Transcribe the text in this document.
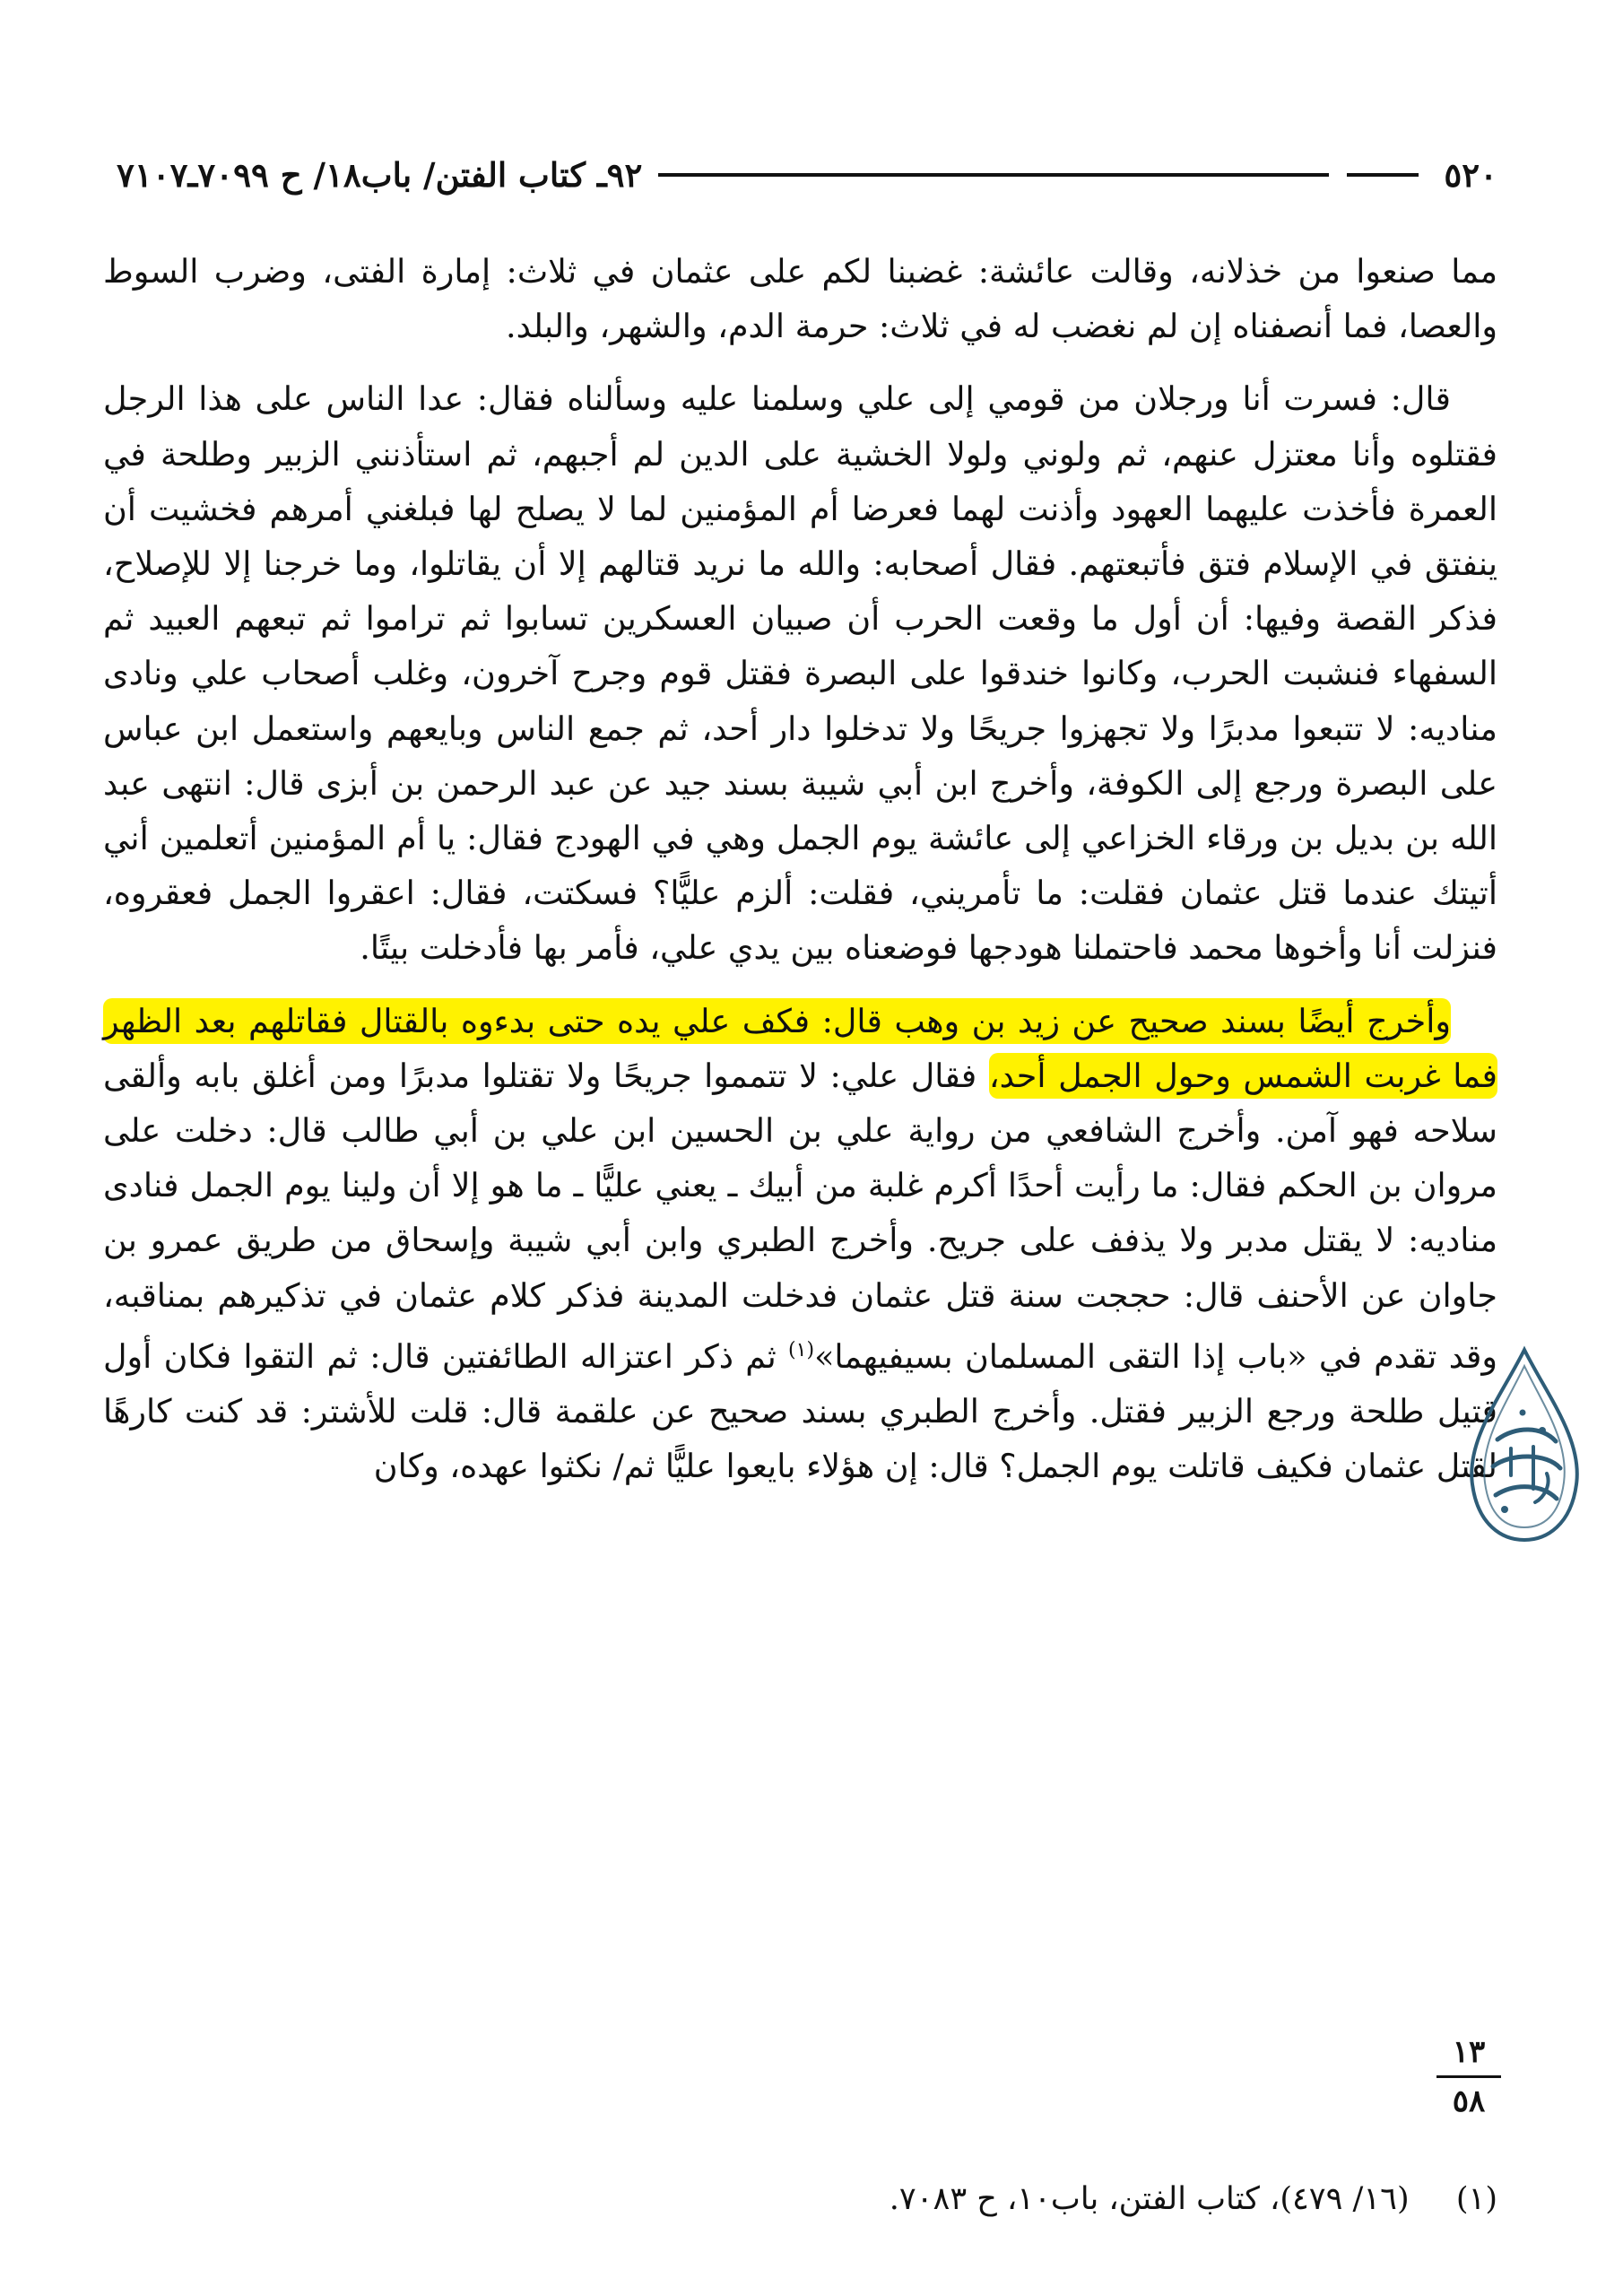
٥٢٠
٩٢ـ كتاب الفتن/ باب١٨/ ح ٧٠٩٩ـ٧١٠٧

مما صنعوا من خذلانه، وقالت عائشة: غضبنا لكم على عثمان في ثلاث: إمارة الفتى، وضرب السوط والعصا، فما أنصفناه إن لم نغضب له في ثلاث: حرمة الدم، والشهر، والبلد.

قال: فسرت أنا ورجلان من قومي إلى علي وسلمنا عليه وسألناه فقال: عدا الناس على هذا الرجل فقتلوه وأنا معتزل عنهم، ثم ولوني ولولا الخشية على الدين لم أجبهم، ثم استأذنني الزبير وطلحة في العمرة فأخذت عليهما العهود وأذنت لهما فعرضا أم المؤمنين لما لا يصلح لها فبلغني أمرهم فخشيت أن ينفتق في الإسلام فتق فأتبعتهم. فقال أصحابه: والله ما نريد قتالهم إلا أن يقاتلوا، وما خرجنا إلا للإصلاح، فذكر القصة وفيها: أن أول ما وقعت الحرب أن صبيان العسكرين تسابوا ثم تراموا ثم تبعهم العبيد ثم السفهاء فنشبت الحرب، وكانوا خندقوا على البصرة فقتل قوم وجرح آخرون، وغلب أصحاب علي ونادى مناديه: لا تتبعوا مدبرًا ولا تجهزوا جريحًا ولا تدخلوا دار أحد، ثم جمع الناس وبايعهم واستعمل ابن عباس على البصرة ورجع إلى الكوفة، وأخرج ابن أبي شيبة بسند جيد عن عبد الرحمن بن أبزى قال: انتهى عبد الله بن بديل بن ورقاء الخزاعي إلى عائشة يوم الجمل وهي في الهودج فقال: يا أم المؤمنين أتعلمين أني أتيتك عندما قتل عثمان فقلت: ما تأمريني، فقلت: ألزم عليًّا؟ فسكتت، فقال: اعقروا الجمل فعقروه، فنزلت أنا وأخوها محمد فاحتملنا هودجها فوضعناه بين يدي علي، فأمر بها فأدخلت بيتًا.

وأخرج أيضًا بسند صحيح عن زيد بن وهب قال: فكف علي يده حتى بدءوه بالقتال فقاتلهم بعد الظهر فما غربت الشمس وحول الجمل أحد، فقال علي: لا تتمموا جريحًا ولا تقتلوا مدبرًا ومن أغلق بابه وألقى سلاحه فهو آمن. وأخرج الشافعي من رواية علي بن الحسين ابن علي بن أبي طالب قال: دخلت على مروان بن الحكم فقال: ما رأيت أحدًا أكرم غلبة من أبيك ـ يعني عليًّا ـ ما هو إلا أن ولينا يوم الجمل فنادى مناديه: لا يقتل مدبر ولا يذفف على جريح. وأخرج الطبري وابن أبي شيبة وإسحاق من طريق عمرو بن جاوان عن الأحنف قال: حججت سنة قتل عثمان فدخلت المدينة فذكر كلام عثمان في تذكيرهم بمناقبه، وقد تقدم في «باب إذا التقى المسلمان بسيفيهما»$^{(١)}$ ثم ذكر اعتزاله الطائفتين قال: ثم التقوا فكان أول قتيل طلحة ورجع الزبير فقتل. وأخرج الطبري بسند صحيح عن علقمة قال: قلت للأشتر: قد كنت كارهًا لقتل عثمان فكيف قاتلت يوم الجمل؟ قال: إن هؤلاء بايعوا عليًّا ثم/ نكثوا عهده، وكان

١٣
٥٨
(١)  (١٦/ ٤٧٩)، كتاب الفتن، باب١٠، ح ٧٠٨٣.
